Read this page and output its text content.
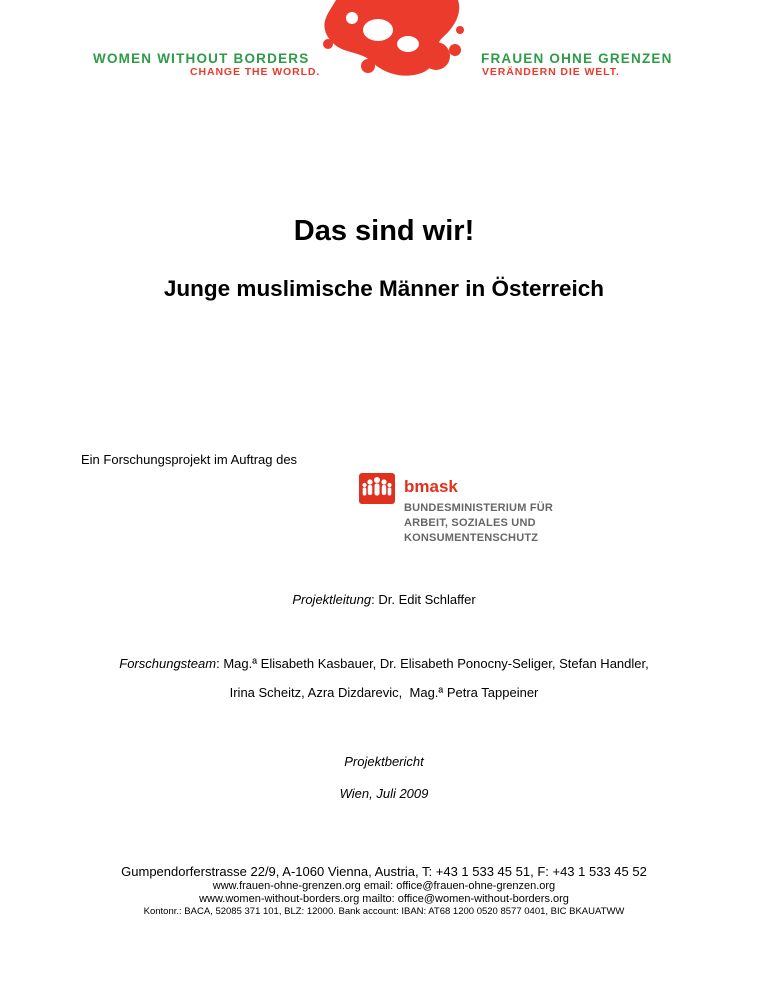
WOMEN WITHOUT BORDERS
CHANGE THE WORLD.
FRAUEN OHNE GRENZEN
VERÄNDERN DIE WELT.
Das sind wir!
Junge muslimische Männer in Österreich
Ein Forschungsprojekt im Auftrag des
bmask
BUNDESMINISTERIUM FÜR
ARBEIT, SOZIALES UND
KONSUMENTENSCHUTZ
Projektleitung: Dr. Edit Schlaffer
Forschungsteam: Mag.ª Elisabeth Kasbauer, Dr. Elisabeth Ponocny-Seliger, Stefan Handler,
Irina Scheitz, Azra Dizdarevic,  Mag.ª Petra Tappeiner
Projektbericht
Wien, Juli 2009
Gumpendorferstrasse 22/9, A-1060 Vienna, Austria, T: +43 1 533 45 51, F: +43 1 533 45 52
www.frauen-ohne-grenzen.org email: office@frauen-ohne-grenzen.org
www.women-without-borders.org mailto: office@women-without-borders.org
Kontonr.: BACA, 52085 371 101, BLZ: 12000. Bank account: IBAN: AT68 1200 0520 8577 0401, BIC BKAUATWW
